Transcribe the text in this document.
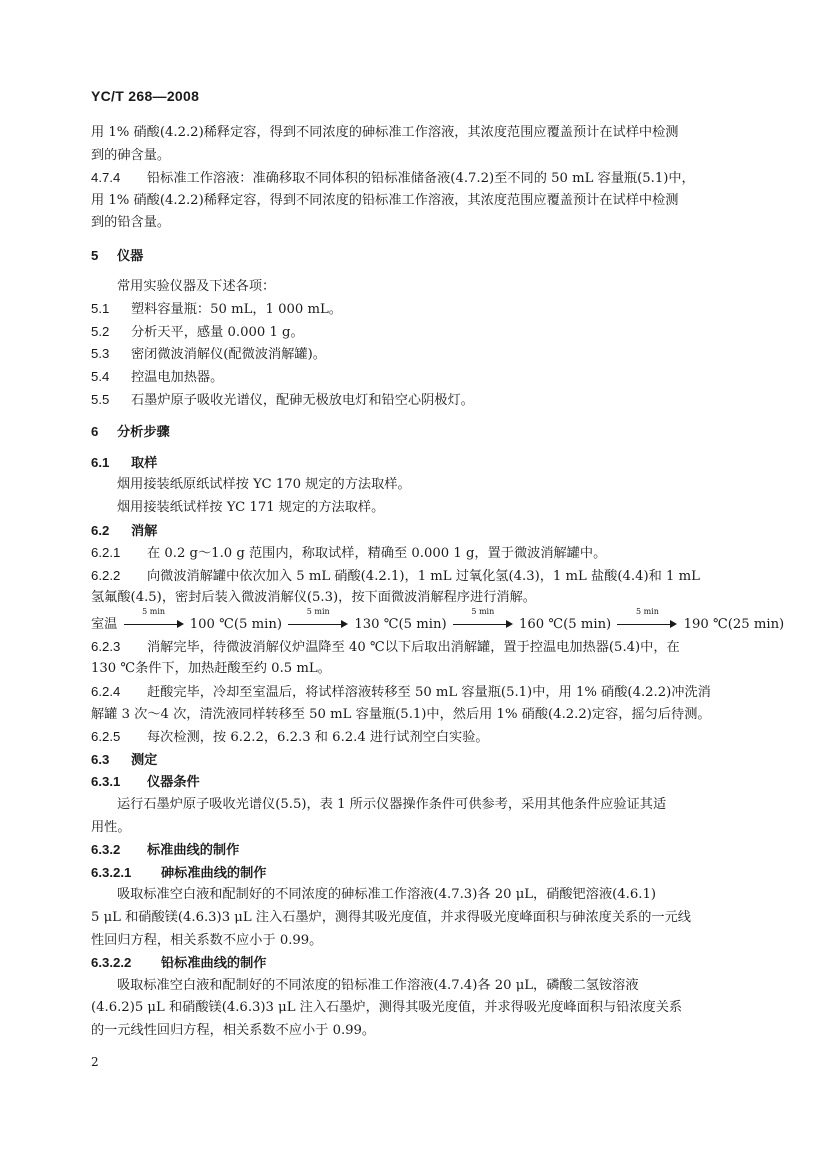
YC/T 268—2008
用 1% 硝酸(4.2.2)稀释定容，得到不同浓度的砷标准工作溶液，其浓度范围应覆盖预计在试样中检测
到的砷含量。
4.7.4 铅标准工作溶液：准确移取不同体积的铅标准储备液(4.7.2)至不同的 50 mL 容量瓶(5.1)中，
用 1% 硝酸(4.2.2)稀释定容，得到不同浓度的铅标准工作溶液，其浓度范围应覆盖预计在试样中检测
到的铅含量。
5 仪器
常用实验仪器及下述各项：
5.1 塑料容量瓶：50 mL，1 000 mL。
5.2 分析天平，感量 0.000 1 g。
5.3 密闭微波消解仪(配微波消解罐)。
5.4 控温电加热器。
5.5 石墨炉原子吸收光谱仪，配砷无极放电灯和铅空心阴极灯。
6 分析步骤
6.1 取样
烟用接装纸原纸试样按 YC 170 规定的方法取样。
烟用接装纸试样按 YC 171 规定的方法取样。
6.2 消解
6.2.1 在 0.2 g～1.0 g 范围内，称取试样，精确至 0.000 1 g，置于微波消解罐中。
6.2.2 向微波消解罐中依次加入 5 mL 硝酸(4.2.1)，1 mL 过氧化氢(4.3)，1 mL 盐酸(4.4)和 1 mL
氢氟酸(4.5)，密封后装入微波消解仪(5.3)，按下面微波消解程序进行消解。
室温
5 min
100 ℃(5 min)
5 min
130 ℃(5 min)
5 min
160 ℃(5 min)
5 min
190 ℃(25 min)
6.2.3 消解完毕，待微波消解仪炉温降至 40 ℃以下后取出消解罐，置于控温电加热器(5.4)中，在
130 ℃条件下，加热赶酸至约 0.5 mL。
6.2.4 赶酸完毕，冷却至室温后，将试样溶液转移至 50 mL 容量瓶(5.1)中，用 1% 硝酸(4.2.2)冲洗消
解罐 3 次～4 次，清洗液同样转移至 50 mL 容量瓶(5.1)中，然后用 1% 硝酸(4.2.2)定容，摇匀后待测。
6.2.5 每次检测，按 6.2.2，6.2.3 和 6.2.4 进行试剂空白实验。
6.3 测定
6.3.1 仪器条件
运行石墨炉原子吸收光谱仪(5.5)，表 1 所示仪器操作条件可供参考，采用其他条件应验证其适
用性。
6.3.2 标准曲线的制作
6.3.2.1 砷标准曲线的制作
吸取标准空白液和配制好的不同浓度的砷标准工作溶液(4.7.3)各 20 μL，硝酸钯溶液(4.6.1)
5 μL 和硝酸镁(4.6.3)3 μL 注入石墨炉，测得其吸光度值，并求得吸光度峰面积与砷浓度关系的一元线
性回归方程，相关系数不应小于 0.99。
6.3.2.2 铅标准曲线的制作
吸取标准空白液和配制好的不同浓度的铅标准工作溶液(4.7.4)各 20 μL，磷酸二氢铵溶液
(4.6.2)5 μL 和硝酸镁(4.6.3)3 μL 注入石墨炉，测得其吸光度值，并求得吸光度峰面积与铅浓度关系
的一元线性回归方程，相关系数不应小于 0.99。
2
